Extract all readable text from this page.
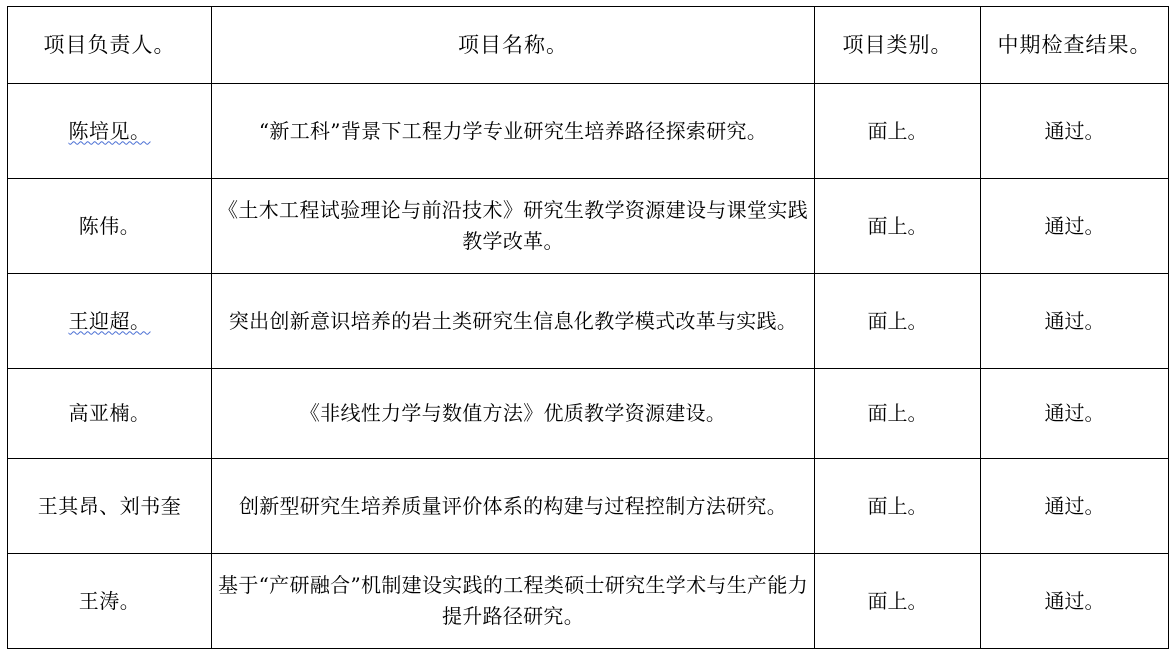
项目负责人。	项目名称。	项目类别。	中期检查结果。
陈培见。	“新工科”背景下工程力学专业研究生培养路径探索研究。	面上。	通过。
陈伟。	《土木工程试验理论与前沿技术》研究生教学资源建设与课堂实践教学改革。	面上。	通过。
王迎超。	突出创新意识培养的岩土类研究生信息化教学模式改革与实践。	面上。	通过。
高亚楠。	《非线性力学与数值方法》优质教学资源建设。	面上。	通过。
王其昂、刘书奎	创新型研究生培养质量评价体系的构建与过程控制方法研究。	面上。	通过。
王涛。	基于“产研融合”机制建设实践的工程类硕士研究生学术与生产能力提升路径研究。	面上。	通过。
